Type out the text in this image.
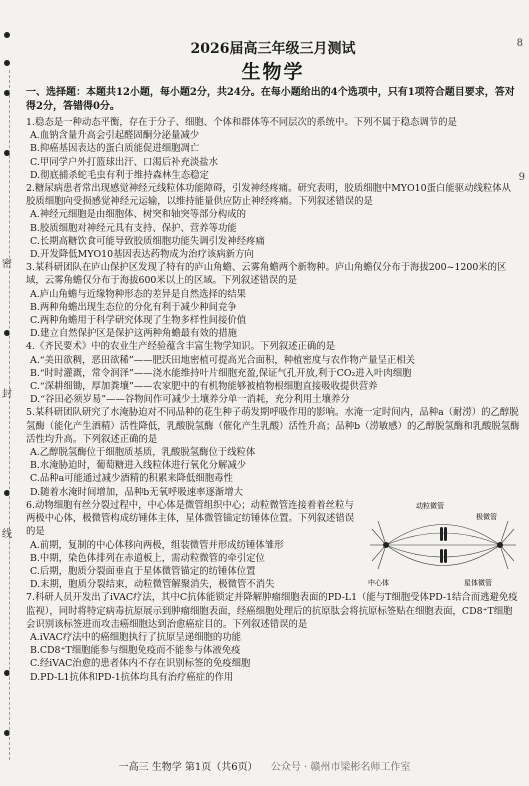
密
封
线
8
9
2026届高三年级三月测试
生物学

一、选择题：本题共12小题，每小题2分，共24分。在每小题给出的4个选项中，只有1项符合题目要求，答对得2分，答错得0分。

1.稳态是一种动态平衡，存在于分子、细胞、个体和群体等不同层次的系统中。下列不属于稳态调节的是

A.血钠含量升高会引起醛固酮分泌量减少

B.抑癌基因表达的蛋白质能促进细胞凋亡

C.甲同学户外打篮球出汗、口渴后补充淡盐水

D.彻底捕杀蛇毛虫有利于维持森林生态稳定

2.糖尿病患者常出现感觉神经元线粒体功能障碍，引发神经疼痛。研究表明，胶质细胞中MYO10蛋白能驱动线粒体从胶质细胞向受损感觉神经元运输，以维持能量供应防止神经疼痛。下列叙述错误的是

A.神经元细胞是由细胞体、树突和轴突等部分构成的

B.胶质细胞对神经元具有支持、保护、营养等功能

C.长期高糖饮食可能导致胶质细胞功能失调引发神经疼痛

D.开发降低MYO10基因表达药物成为治疗该病新方向

3.某科研团队在庐山保护区发现了特有的庐山角蟾、云雾角蟾两个新物种。庐山角蟾仅分布于海拔200~1200米的区域，云雾角蟾仅分布于海拔600米以上的区域。下列叙述错误的是

A.庐山角蟾与近缘物种形态的差异是自然选择的结果

B.两种角蟾出现生态位的分化有利于减少种间竞争

C.两种角蟾用于科学研究体现了生物多样性间接价值

D.建立自然保护区是保护这两种角蟾最有效的措施

4.《齐民要术》中的农业生产经验蕴含丰富生物学知识。下列叙述正确的是

A.“美田欲稠，恶田欲稀”——肥沃田地密植可提高光合面积，种植密度与农作物产量呈正相关

B.“时时灌溉，常令润泽”——浇水能维持叶片细胞充盈,保证气孔开放,利于CO₂进入叶肉细胞

C.“深耕细锄，厚加粪壤”——农家肥中的有机物能够被植物根细胞直接吸收提供营养

D.“谷田必须岁易”——谷物间作可减少土壤养分单一消耗，充分利用土壤养分

5.某科研团队研究了水淹胁迫对不同品种的花生种子萌发期呼吸作用的影响。水淹一定时间内，品种a（耐涝）的乙醇脱氢酶（能化产生酒精）活性降低，乳酸脱氢酶（催化产生乳酸）活性升高；品种b（涝敏感）的乙醇脱氢酶和乳酸脱氢酶活性均升高。下列叙述正确的是

A.乙醇脱氢酶位于细胞质基质，乳酸脱氢酶位于线粒体

B.水淹胁迫时，葡萄糖进入线粒体进行氧化分解减少

C.品种a可能通过减少酒精的积累来降低细胞毒性

D.随着水淹时间增加，品种b无氧呼吸速率逐渐增大

6.动物细胞有丝分裂过程中，中心体是微管组织中心；动粒微管连接着着丝粒与两极中心体，极微管构成纺锤体主体，星体微管锚定纺锤体位置。下列叙述错误的是

A.前期，复制的中心体移向两极，组装微管并形成纺锤体雏形

B.中期，染色体排列在赤道板上，需动粒微管的牵引定位

C.后期，胞质分裂面垂直于星体微管锚定的纺锤体位置

D.末期，胞质分裂结束，动粒微管解聚消失，极微管不消失

动粒微管
极微管
中心体	星体微管

7.科研人员开发出了iVAC疗法，其中C抗体能锁定并降解肿瘤细胞表面的PD-L1（能与T细胞受体PD-1结合而逃避免疫监视），同时将特定病毒抗原展示到肿瘤细胞表面，经癌细胞处理后的抗原肽会将抗原标签贴在细胞表面，CD8⁺T细胞会识别该标签进而攻击癌细胞达到治愈癌症目的。下列叙述错误的是

A.iVAC疗法中的癌细胞执行了抗原呈递细胞的功能

B.CD8⁺T细胞能参与细胞免疫而不能参与体液免疫

C.经iVAC治愈的患者体内不存在识别标签的免疫细胞

D.PD-L1抗体和PD-1抗体均具有治疗癌症的作用

一高三 生物学 第1页（共6页） 公众号 · 赣州市梁彬名师工作室
